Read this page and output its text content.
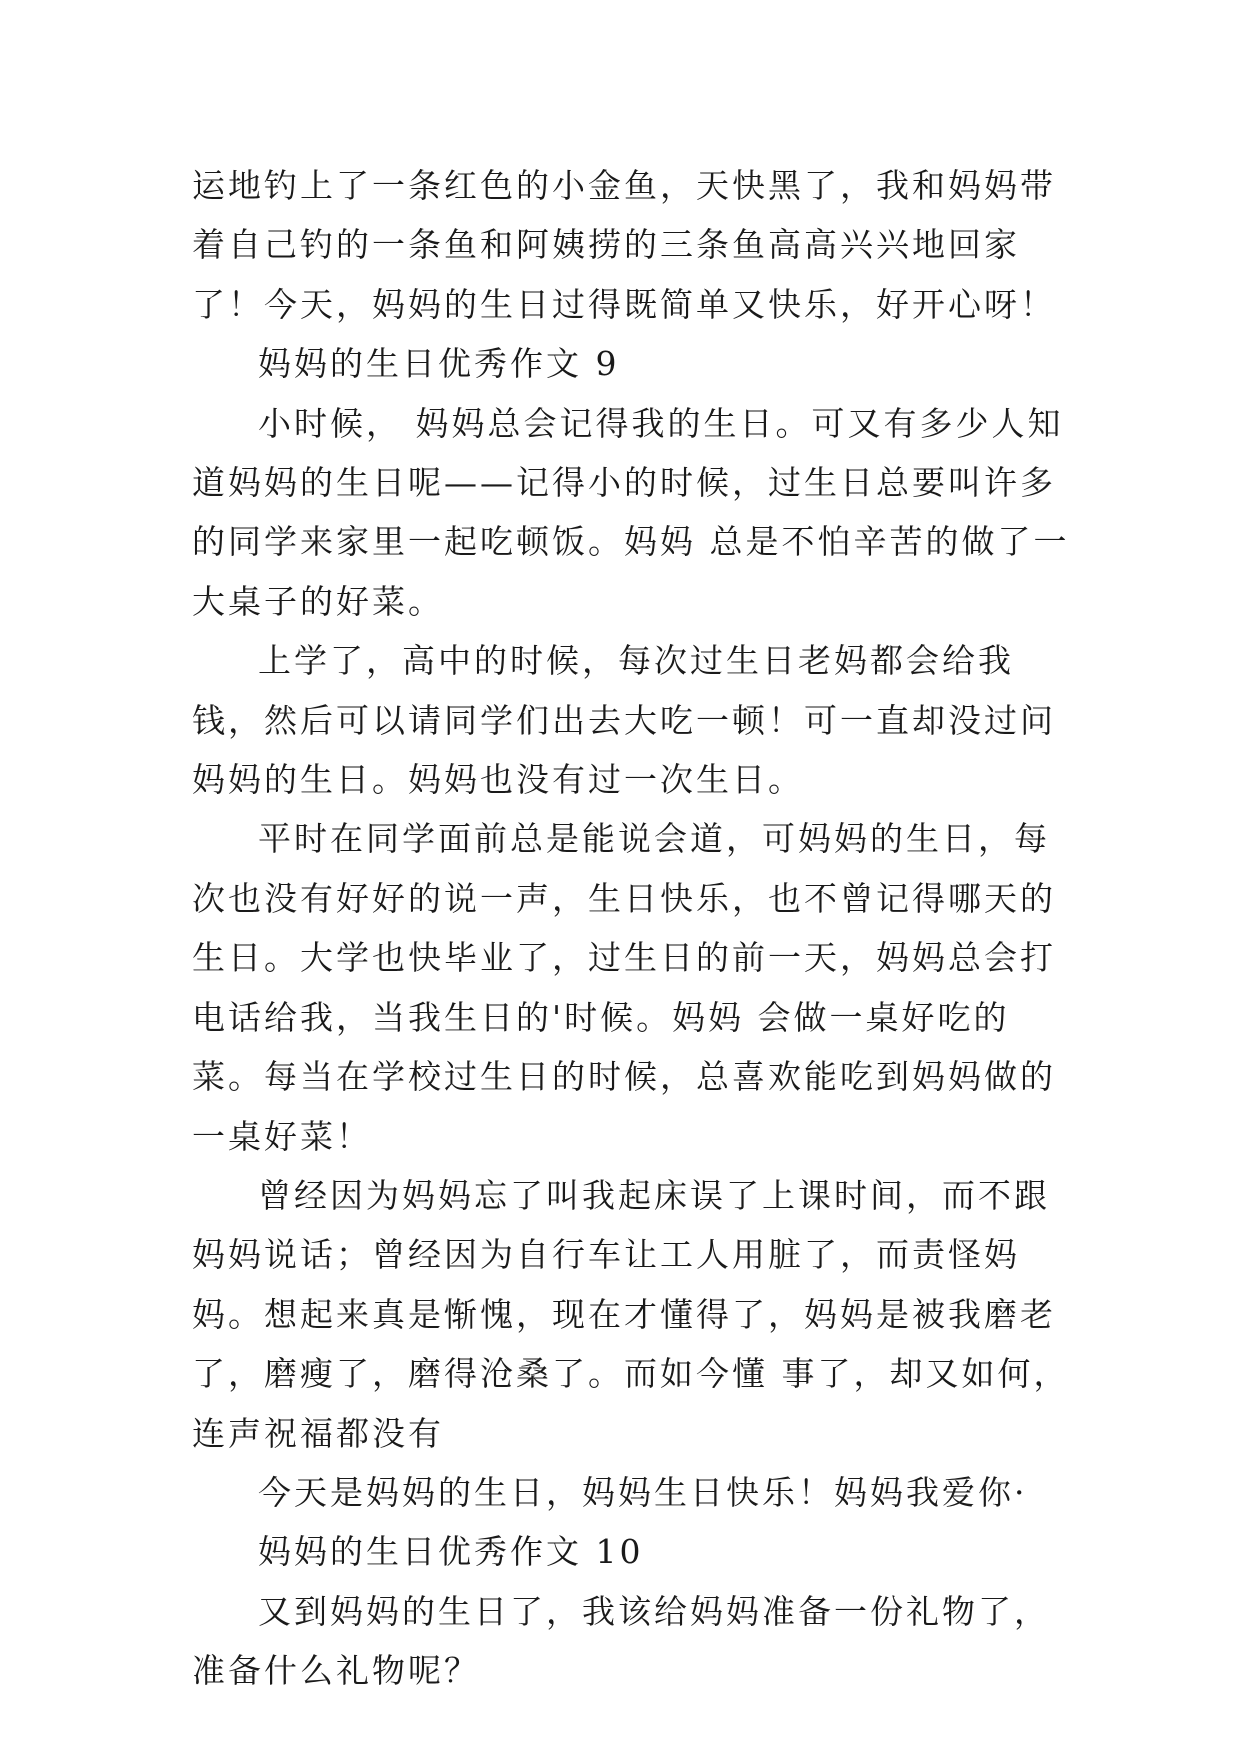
运地钓上了一条红色的小金鱼，天快黑了，我和妈妈带着自己钓的一条鱼和阿姨捞的三条鱼高高兴兴地回家了！今天，妈妈的生日过得既简单又快乐，好开心呀！

妈妈的生日优秀作文 9

小时候， 妈妈总会记得我的生日。可又有多少人知道妈妈的生日呢——记得小的时候，过生日总要叫许多的同学来家里一起吃顿饭。妈妈 总是不怕辛苦的做了一大桌子的好菜。

上学了，高中的时候，每次过生日老妈都会给我钱，然后可以请同学们出去大吃一顿！可一直却没过问妈妈的生日。妈妈也没有过一次生日。

平时在同学面前总是能说会道，可妈妈的生日，每次也没有好好的说一声，生日快乐，也不曾记得哪天的生日。大学也快毕业了，过生日的前一天，妈妈总会打电话给我，当我生日的'时候。妈妈 会做一桌好吃的菜。每当在学校过生日的时候，总喜欢能吃到妈妈做的一桌好菜！

曾经因为妈妈忘了叫我起床误了上课时间，而不跟妈妈说话；曾经因为自行车让工人用脏了，而责怪妈妈。想起来真是惭愧，现在才懂得了，妈妈是被我磨老了，磨瘦了，磨得沧桑了。而如今懂 事了，却又如何，连声祝福都没有

今天是妈妈的生日，妈妈生日快乐！妈妈我爱你·

妈妈的生日优秀作文 10

又到妈妈的生日了，我该给妈妈准备一份礼物了，准备什么礼物呢？
